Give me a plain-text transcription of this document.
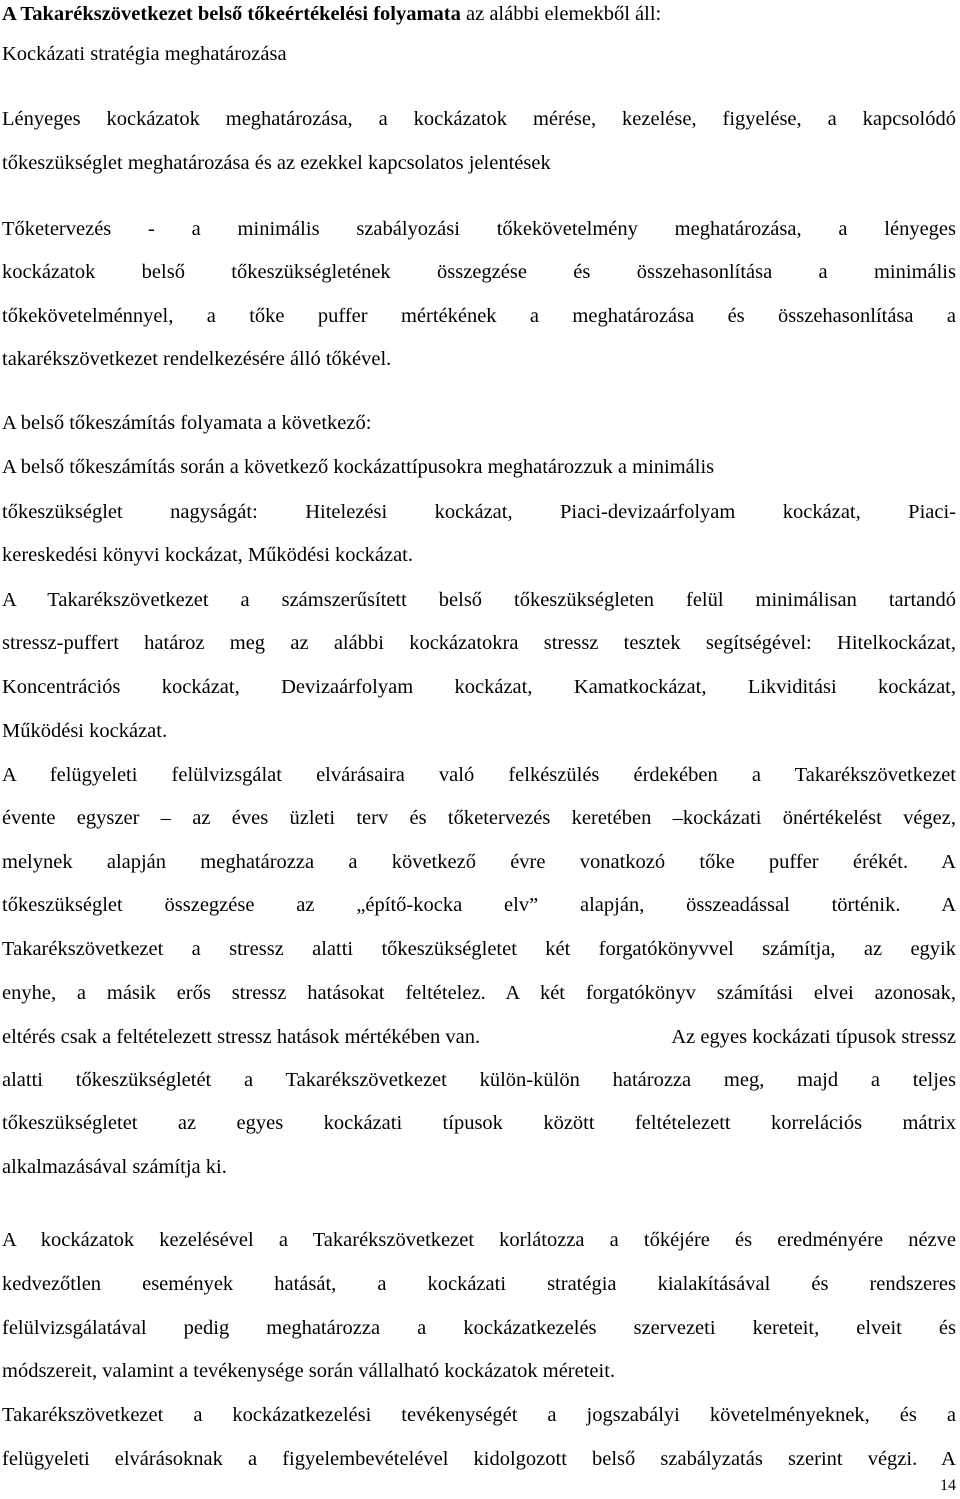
A Takarékszövetkezet belső tőkeértékelési folyamata az alábbi elemekből áll:
Kockázati stratégia meghatározása
Lényeges kockázatok meghatározása, a kockázatok mérése, kezelése, figyelése, a kapcsolódó
tőkeszükséglet meghatározása és az ezekkel kapcsolatos jelentések
Tőketervezés - a minimális szabályozási tőkekövetelmény meghatározása, a lényeges
kockázatok belső tőkeszükségletének összegzése és összehasonlítása a minimális
tőkekövetelménnyel, a tőke puffer mértékének a meghatározása és összehasonlítása a
takarékszövetkezet rendelkezésére álló tőkével.
A belső tőkeszámítás folyamata a következő:
A belső tőkeszámítás során a következő kockázattípusokra meghatározzuk a minimális
tőkeszükséglet nagyságát: Hitelezési kockázat, Piaci-devizaárfolyam kockázat, Piaci-
kereskedési könyvi kockázat, Működési kockázat.
A Takarékszövetkezet a számszerűsített belső tőkeszükségleten felül minimálisan tartandó
stressz-puffert határoz meg az alábbi kockázatokra stressz tesztek segítségével: Hitelkockázat,
Koncentrációs kockázat, Devizaárfolyam kockázat, Kamatkockázat, Likviditási kockázat,
Működési kockázat.
A felügyeleti felülvizsgálat elvárásaira való felkészülés érdekében a Takarékszövetkezet
évente egyszer – az éves üzleti terv és tőketervezés keretében –kockázati önértékelést végez,
melynek alapján meghatározza a következő évre vonatkozó tőke puffer érékét. A
tőkeszükséglet összegzése az „építő-kocka elv” alapján, összeadással történik. A
Takarékszövetkezet a stressz alatti tőkeszükségletet két forgatókönyvvel számítja, az egyik
enyhe, a másik erős stressz hatásokat feltételez. A két forgatókönyv számítási elvei azonosak,
eltérés csak a feltételezett stressz hatások mértékében van.	Az egyes kockázati típusok stressz
alatti tőkeszükségletét a Takarékszövetkezet külön-külön határozza meg, majd a teljes
tőkeszükségletet az egyes kockázati típusok között feltételezett korrelációs mátrix
alkalmazásával számítja ki.
A kockázatok kezelésével a Takarékszövetkezet korlátozza a tőkéjére és eredményére nézve
kedvezőtlen események hatását, a kockázati stratégia kialakításával és rendszeres
felülvizsgálatával pedig meghatározza a kockázatkezelés szervezeti kereteit, elveit és
módszereit, valamint a tevékenysége során vállalható kockázatok méreteit.
Takarékszövetkezet a kockázatkezelési tevékenységét a jogszabályi követelményeknek, és a
felügyeleti elvárásoknak a figyelembevételével kidolgozott belső szabályzatás szerint végzi. A
14
